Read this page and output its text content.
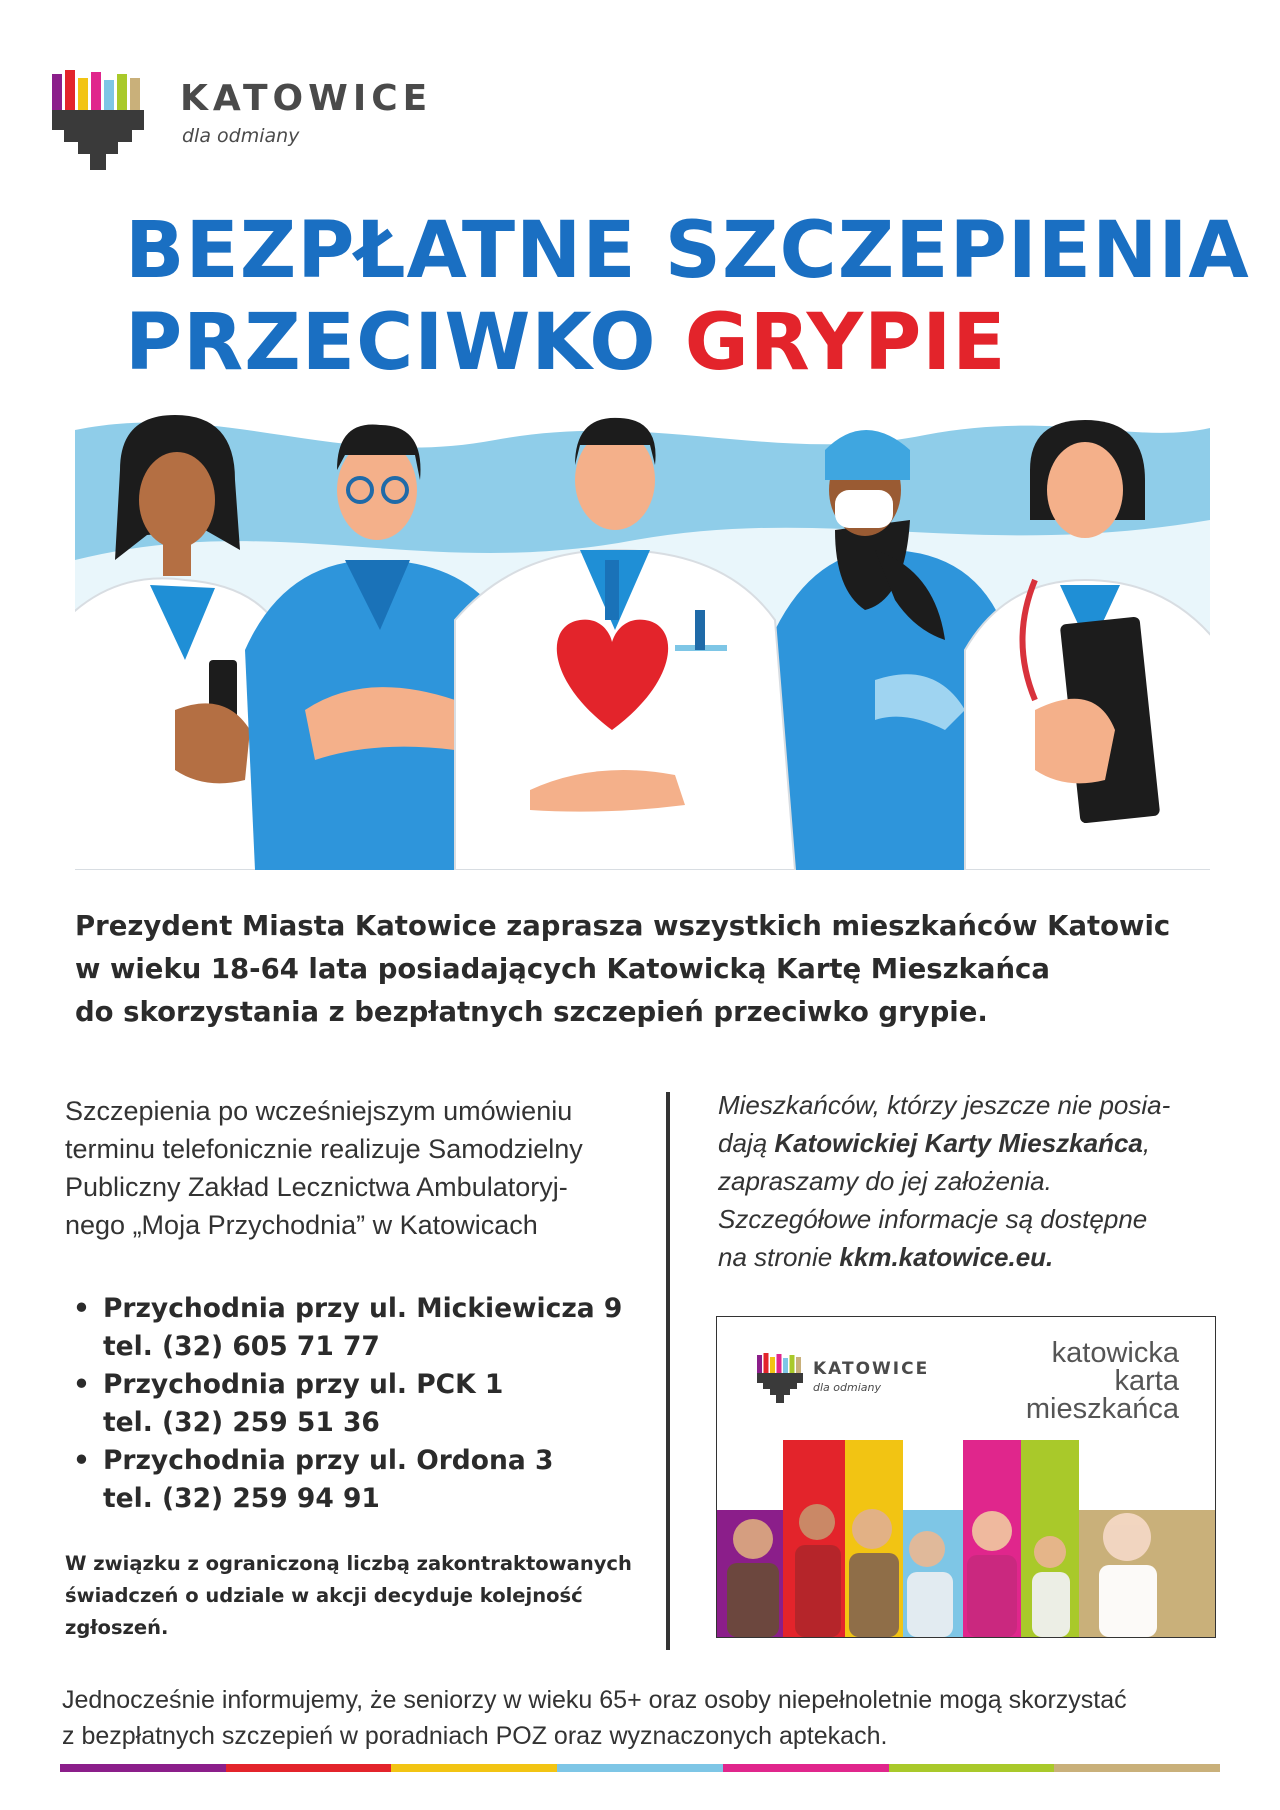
KATOWICE
dla odmiany
BEZPŁATNE SZCZEPIENIA
PRZECIWKO GRYPIE
Prezydent Miasta Katowice zaprasza wszystkich mieszkańców Katowic
w wieku 18-64 lata posiadających Katowicką Kartę Mieszkańca
do skorzystania z bezpłatnych szczepień przeciwko grypie.
Szczepienia po wcześniejszym umówieniu
terminu telefonicznie realizuje Samodzielny
Publiczny Zakład Lecznictwa Ambulatoryj-
nego „Moja Przychodnia” w Katowicach
• Przychodnia przy ul. Mickiewicza 9
tel. (32) 605 71 77
• Przychodnia przy ul. PCK 1
tel. (32) 259 51 36
• Przychodnia przy ul. Ordona 3
tel. (32) 259 94 91
W związku z ograniczoną liczbą zakontraktowanych
świadczeń o udziale w akcji decyduje kolejność zgłoszeń.
Mieszkańców, którzy jeszcze nie posia-
dają Katowickiej Karty Mieszkańca,
zapraszamy do jej założenia.
Szczegółowe informacje są dostępne
na stronie kkm.katowice.eu.
KATOWICE
dla odmiany
katowicka
karta
mieszkańca
Jednocześnie informujemy, że seniorzy w wieku 65+ oraz osoby niepełnoletnie mogą skorzystać
z bezpłatnych szczepień w poradniach POZ oraz wyznaczonych aptekach.
